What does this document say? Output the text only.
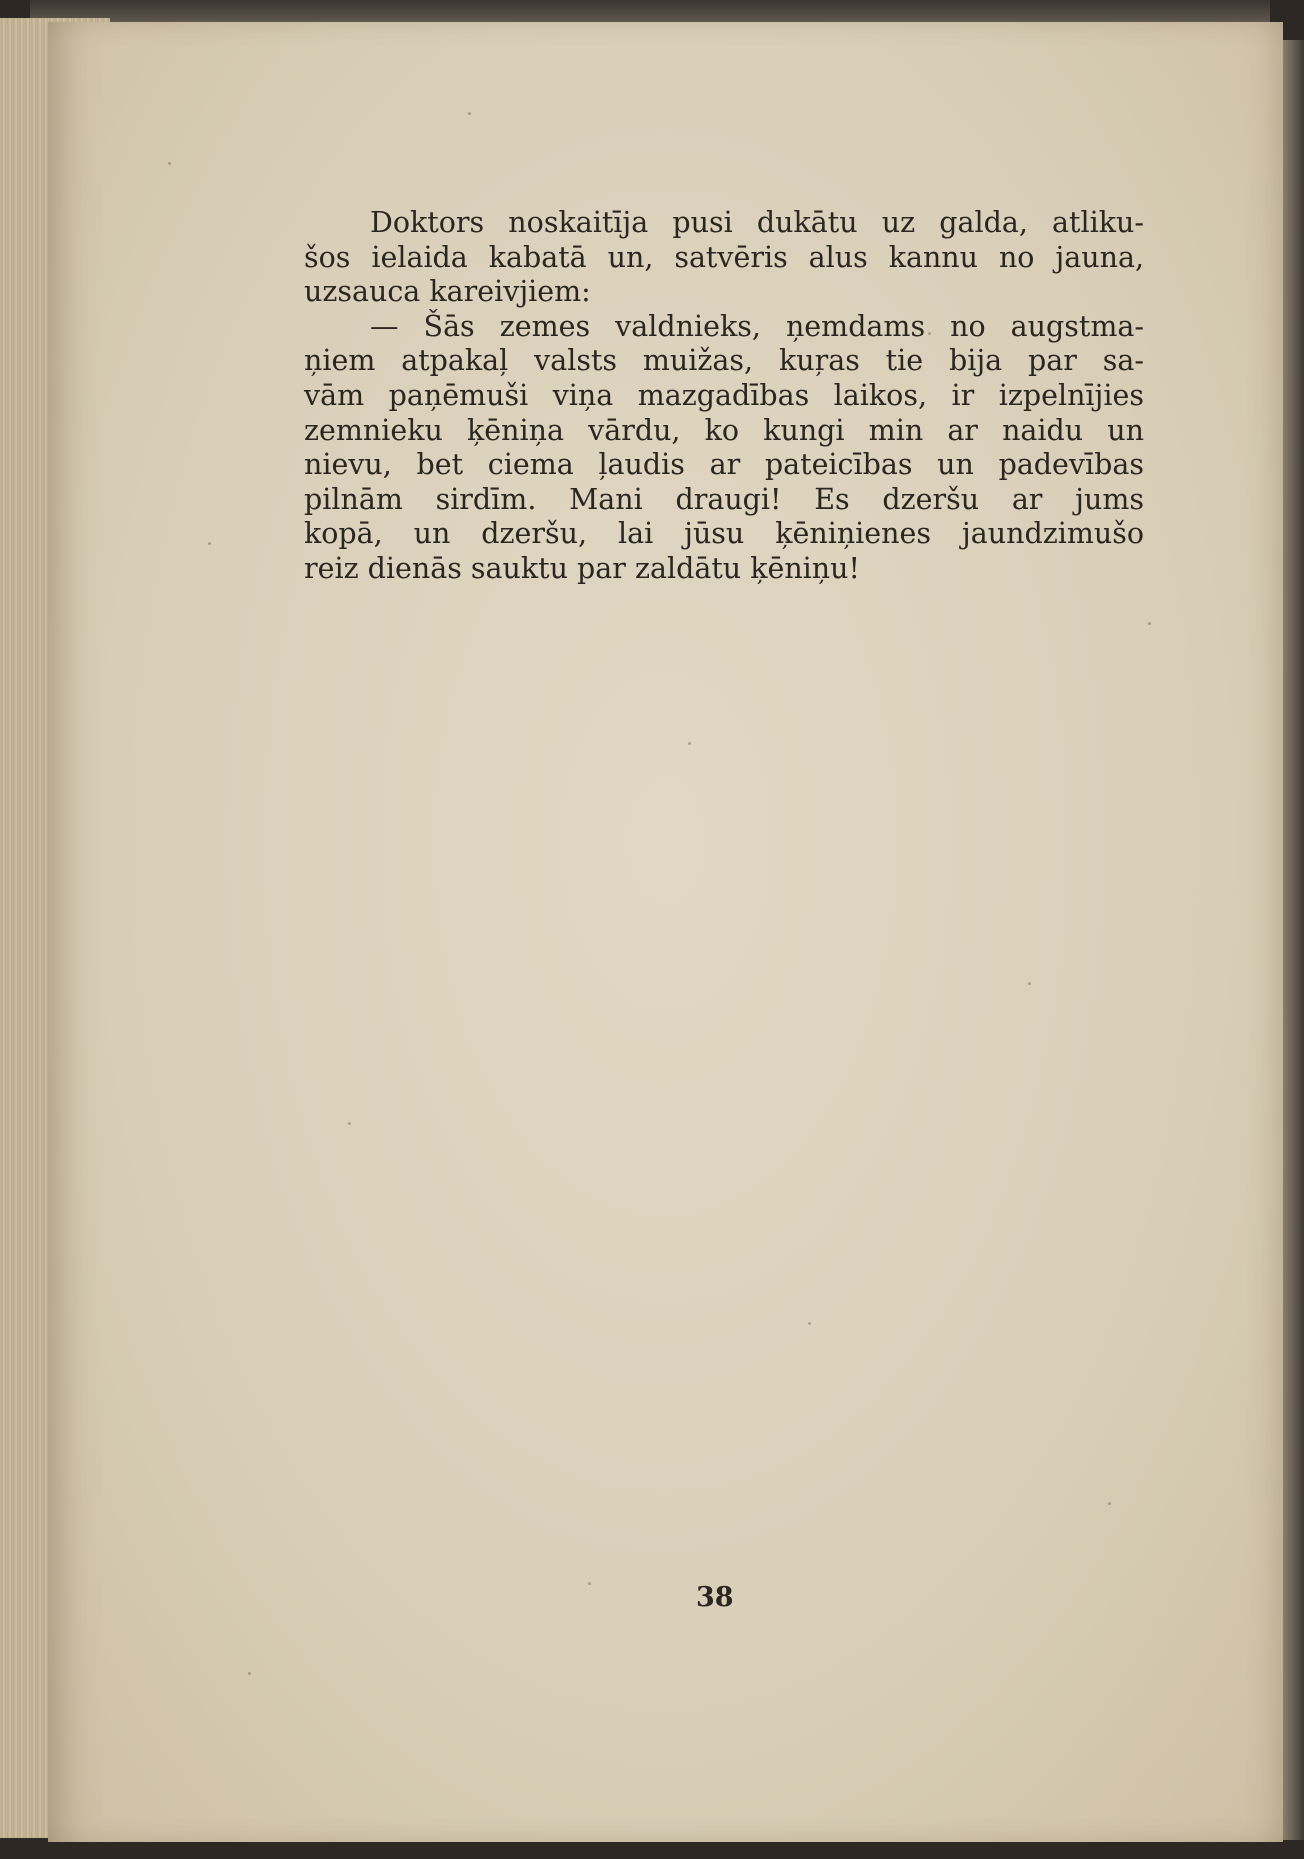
Doktors noskaitīja pusi dukātu uz galda, atliku-
šos ielaida kabatā un, satvēris alus kannu no jauna,
uzsauca kareivjiem:
— Šās zemes valdnieks, ņemdams no augstma-
ņiem atpakaļ valsts muižas, kuŗas tie bija par sa-
vām paņēmuši viņa mazgadības laikos, ir izpelnījies
zemnieku ķēniņa vārdu, ko kungi min ar naidu un
nievu, bet ciema ļaudis ar pateicības un padevības
pilnām sirdīm. Mani draugi! Es dzeršu ar jums
kopā, un dzeršu, lai jūsu ķēniņienes jaundzimušo
reiz dienās sauktu par zaldātu ķēniņu!
38
